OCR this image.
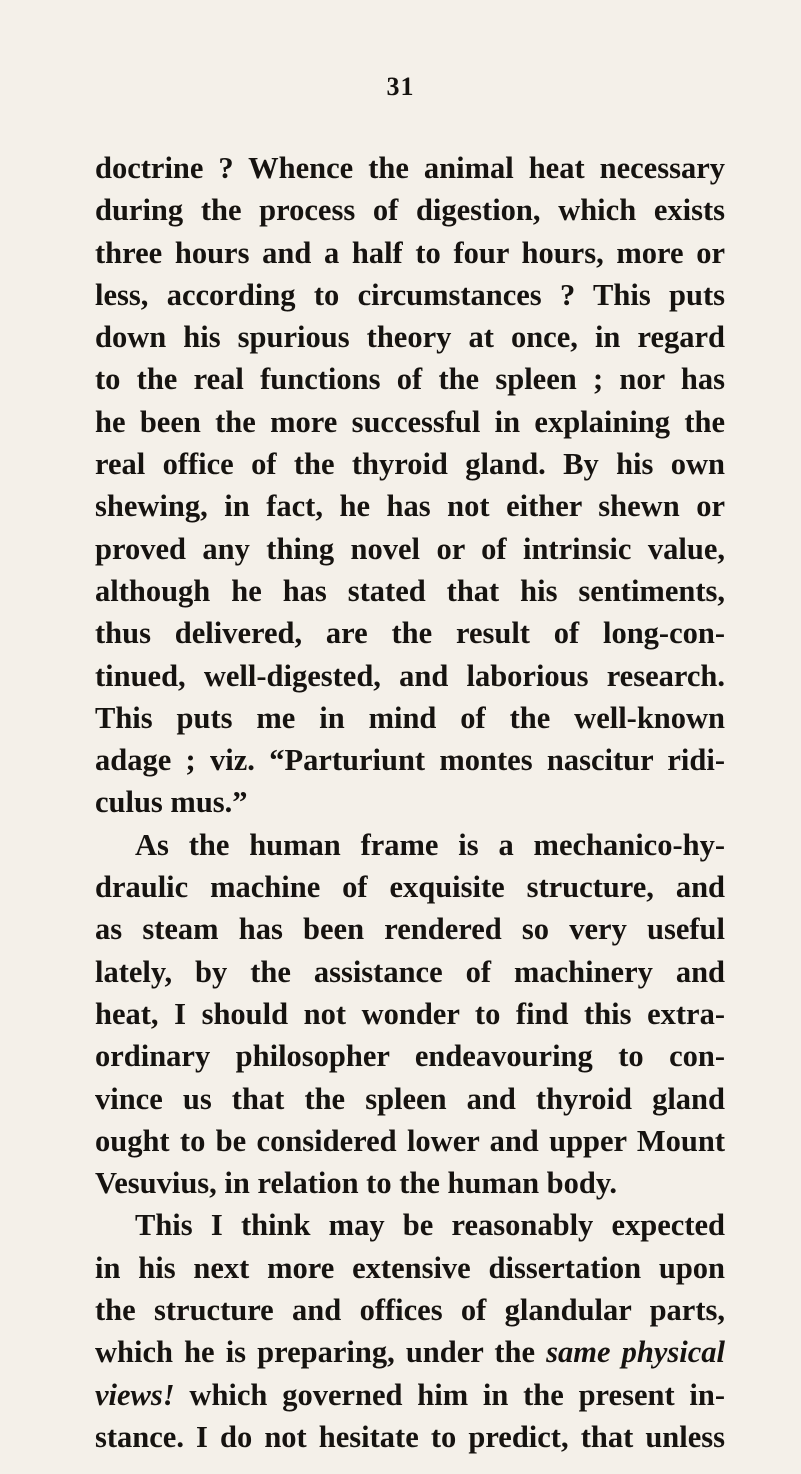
31
doctrine ? Whence the animal heat necessary
during the process of digestion, which exists
three hours and a half to four hours, more or
less, according to circumstances ? This puts
down his spurious theory at once, in regard
to the real functions of the spleen ; nor has
he been the more successful in explaining the
real office of the thyroid gland. By his own
shewing, in fact, he has not either shewn or
proved any thing novel or of intrinsic value,
although he has stated that his sentiments,
thus delivered, are the result of long-con-
tinued, well-digested, and laborious research.
This puts me in mind of the well-known
adage ; viz. “Parturiunt montes nascitur ridi-
culus mus.”
As the human frame is a mechanico-hy-
draulic machine of exquisite structure, and
as steam has been rendered so very useful
lately, by the assistance of machinery and
heat, I should not wonder to find this extra-
ordinary philosopher endeavouring to con-
vince us that the spleen and thyroid gland
ought to be considered lower and upper Mount
Vesuvius, in relation to the human body.
This I think may be reasonably expected
in his next more extensive dissertation upon
the structure and offices of glandular parts,
which he is preparing, under the same physical
views! which governed him in the present in-
stance. I do not hesitate to predict, that unless
